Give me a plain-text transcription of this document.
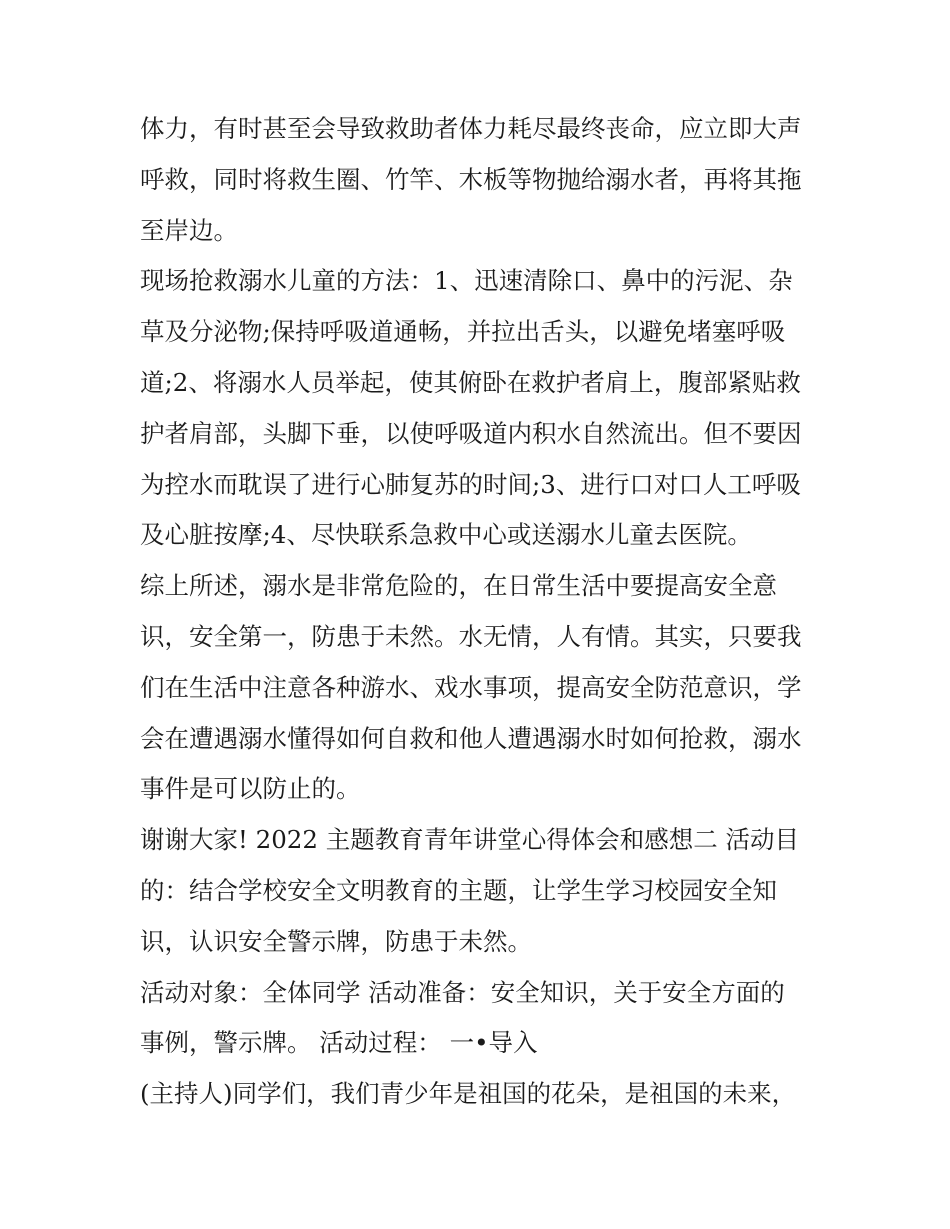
体力，有时甚至会导致救助者体力耗尽最终丧命，应立即大声
呼救，同时将救生圈、竹竿、木板等物抛给溺水者，再将其拖
至岸边。
现场抢救溺水儿童的方法：1、迅速清除口、鼻中的污泥、杂
草及分泌物;保持呼吸道通畅，并拉出舌头，以避免堵塞呼吸
道;2、将溺水人员举起，使其俯卧在救护者肩上，腹部紧贴救
护者肩部，头脚下垂，以使呼吸道内积水自然流出。但不要因
为控水而耽误了进行心肺复苏的时间;3、进行口对口人工呼吸
及心脏按摩;4、尽快联系急救中心或送溺水儿童去医院。
综上所述，溺水是非常危险的，在日常生活中要提高安全意
识，安全第一，防患于未然。水无情，人有情。其实，只要我
们在生活中注意各种游水、戏水事项，提高安全防范意识，学
会在遭遇溺水懂得如何自救和他人遭遇溺水时如何抢救，溺水
事件是可以防止的。
谢谢大家! 2022 主题教育青年讲堂心得体会和感想二 活动目
的：结合学校安全文明教育的主题，让学生学习校园安全知
识，认识安全警示牌，防患于未然。
活动对象：全体同学 活动准备：安全知识，关于安全方面的
事例，警示牌。 活动过程： 一•导入
(主持人)同学们，我们青少年是祖国的花朵，是祖国的未来，
